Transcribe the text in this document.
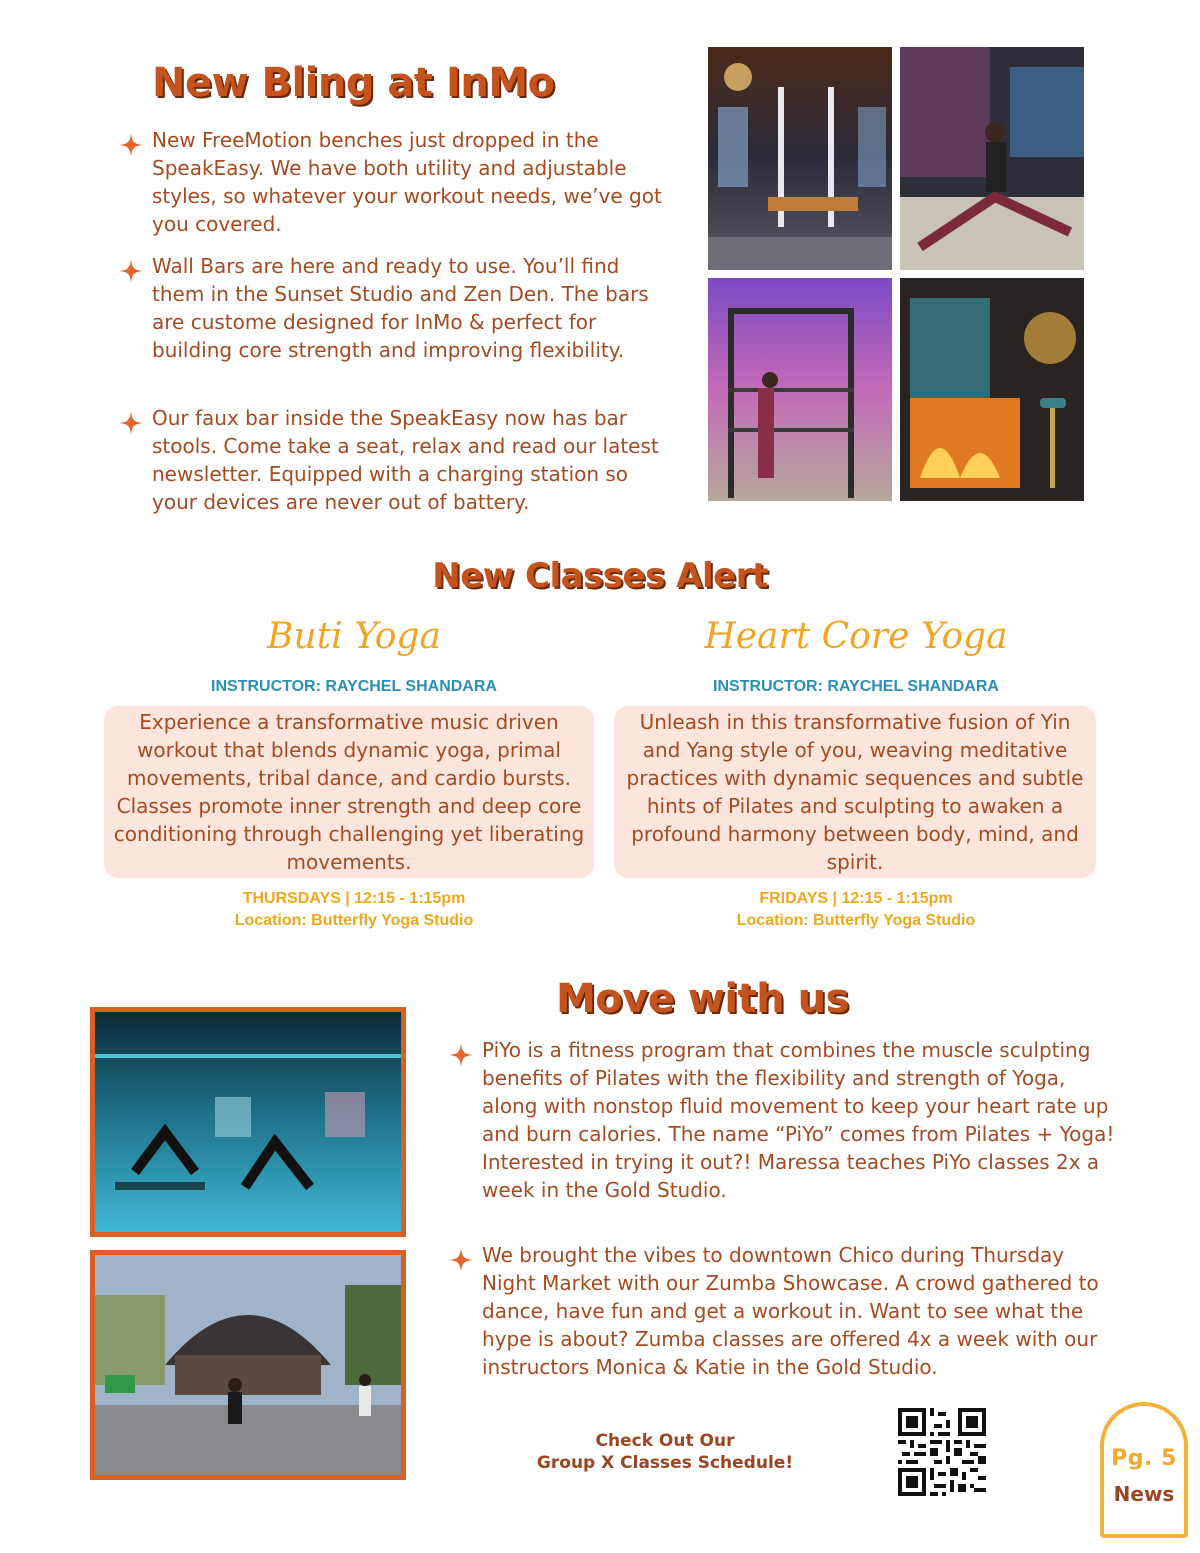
New Bling at InMo

New FreeMotion benches just dropped in the SpeakEasy. We have both utility and adjustable styles, so whatever your workout needs, we’ve got you covered.

Wall Bars are here and ready to use. You’ll find them in the Sunset Studio and Zen Den. The bars are custome designed for InMo & perfect for building core strength and improving flexibility.

Our faux bar inside the SpeakEasy now has bar stools. Come take a seat, relax and read our latest newsletter. Equipped with a charging station so your devices are never out of battery.

New Classes Alert
Buti Yoga
INSTRUCTOR: RAYCHEL SHANDARA
Experience a transformative music driven workout that blends dynamic yoga, primal movements, tribal dance, and cardio bursts. Classes promote inner strength and deep core conditioning through challenging yet liberating movements.
THURSDAYS | 12:15 - 1:15pm
Location: Butterfly Yoga Studio
Heart Core Yoga
INSTRUCTOR: RAYCHEL SHANDARA
Unleash in this transformative fusion of Yin and Yang style of you, weaving meditative practices with dynamic sequences and subtle hints of Pilates and sculpting to awaken a profound harmony between body, mind, and spirit.
FRIDAYS | 12:15 - 1:15pm
Location: Butterfly Yoga Studio
Move with us

PiYo is a fitness program that combines the muscle sculpting benefits of Pilates with the flexibility and strength of Yoga, along with nonstop fluid movement to keep your heart rate up and burn calories. The name “PiYo” comes from Pilates + Yoga! Interested in trying it out?! Maressa teaches PiYo classes 2x a week in the Gold Studio.

We brought the vibes to downtown Chico during Thursday Night Market with our Zumba Showcase. A crowd gathered to dance, have fun and get a workout in. Want to see what the hype is about? Zumba classes are offered 4x a week with our instructors Monica & Katie in the Gold Studio.

Check Out Our
Group X Classes Schedule!	Pg. 5
News
